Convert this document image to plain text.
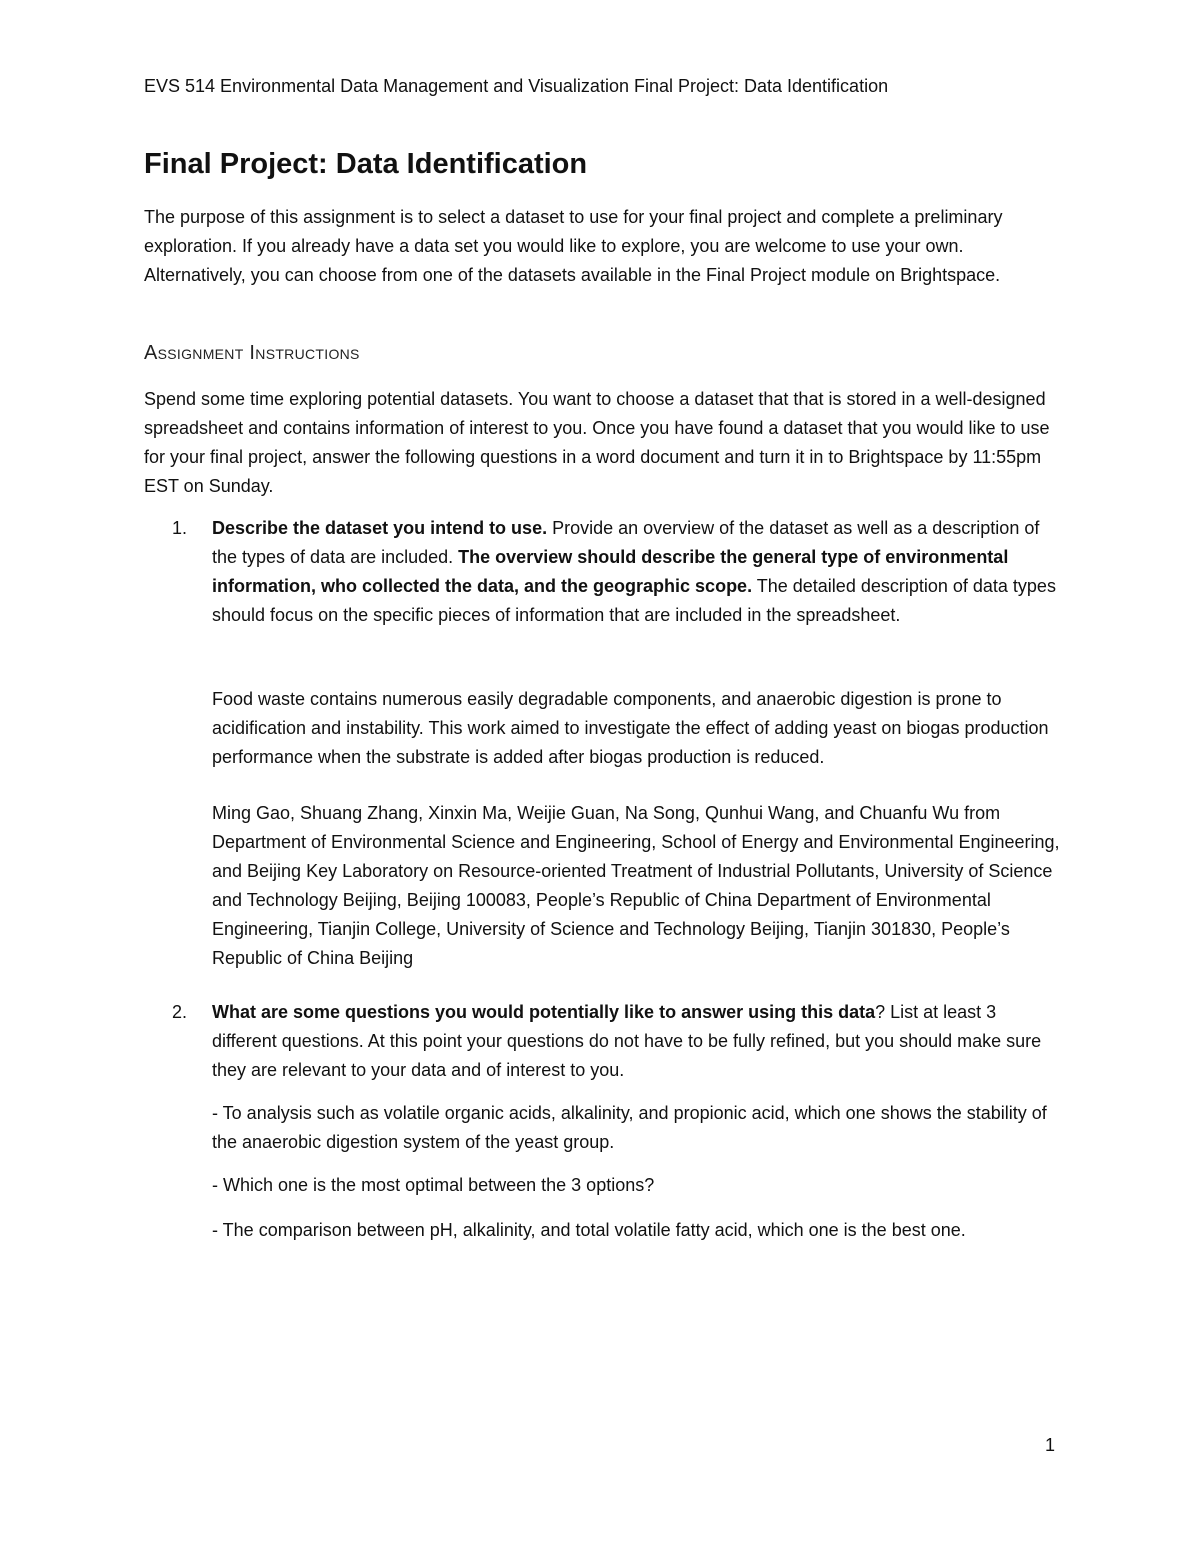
EVS 514 Environmental Data Management and Visualization Final Project: Data Identification
Final Project: Data Identification

The purpose of this assignment is to select a dataset to use for your final project and complete a preliminary exploration. If you already have a data set you would like to explore, you are welcome to use your own. Alternatively, you can choose from one of the datasets available in the Final Project module on Brightspace.

Assignment Instructions

Spend some time exploring potential datasets. You want to choose a dataset that that is stored in a well-designed spreadsheet and contains information of interest to you. Once you have found a dataset that you would like to use for your final project, answer the following questions in a word document and turn it in to Brightspace by 11:55pm EST on Sunday.

1. Describe the dataset you intend to use. Provide an overview of the dataset as well as a description of the types of data are included. The overview should describe the general type of environmental information, who collected the data, and the geographic scope. The detailed description of data types should focus on the specific pieces of information that are included in the spreadsheet.

Food waste contains numerous easily degradable components, and anaerobic digestion is prone to acidification and instability. This work aimed to investigate the effect of adding yeast on biogas production performance when the substrate is added after biogas production is reduced.

Ming Gao, Shuang Zhang, Xinxin Ma, Weijie Guan, Na Song, Qunhui Wang, and Chuanfu Wu from Department of Environmental Science and Engineering, School of Energy and Environmental Engineering, and Beijing Key Laboratory on Resource-oriented Treatment of Industrial Pollutants, University of Science and Technology Beijing, Beijing 100083, People’s Republic of China Department of Environmental Engineering, Tianjin College, University of Science and Technology Beijing, Tianjin 301830, People’s Republic of China Beijing

2. What are some questions you would potentially like to answer using this data? List at least 3 different questions. At this point your questions do not have to be fully refined, but you should make sure they are relevant to your data and of interest to you.

- To analysis such as volatile organic acids, alkalinity, and propionic acid, which one shows the stability of the anaerobic digestion system of the yeast group.

- Which one is the most optimal between the 3 options?

- The comparison between pH, alkalinity, and total volatile fatty acid, which one is the best one.

1
